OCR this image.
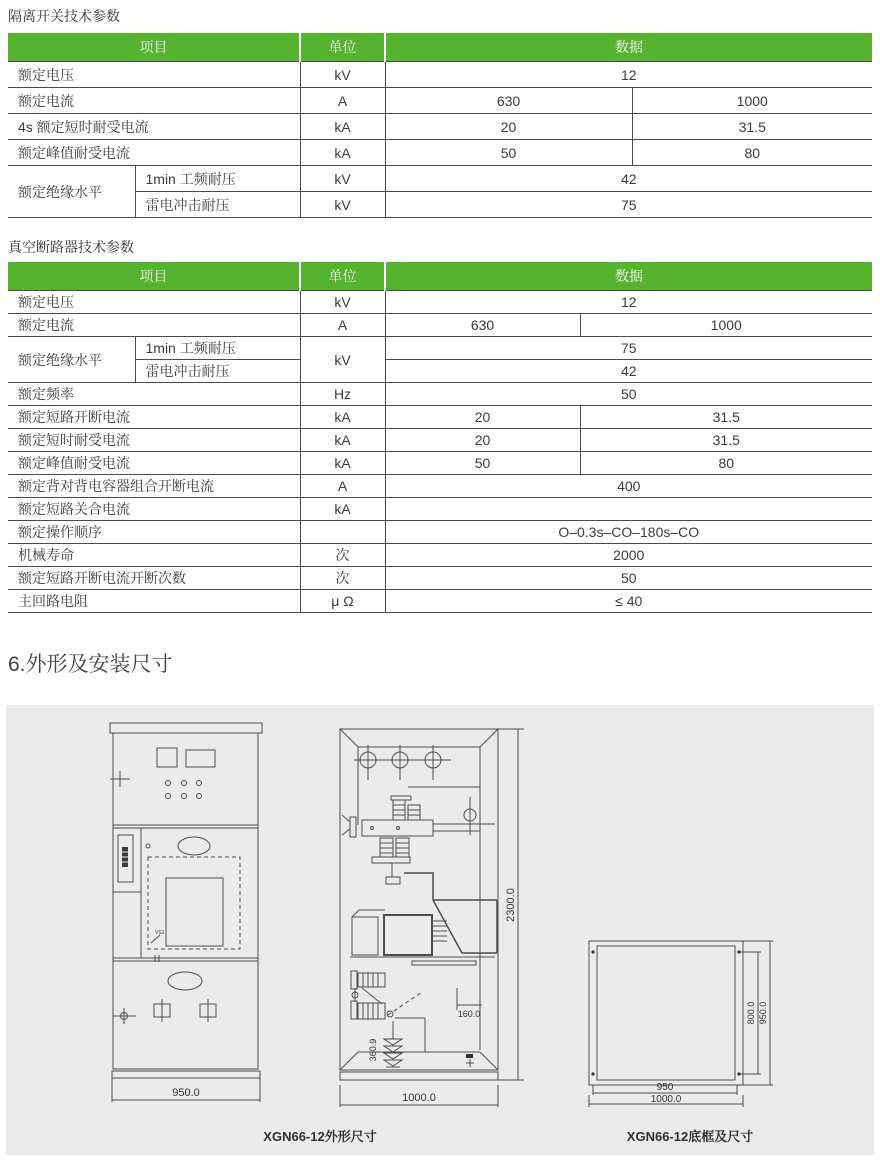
隔离开关技术参数
项目		单位	数据	
额定电压		kV	12	
额定电流		A	630	1000
4s 额定短时耐受电流		kA	20	31.5
额定峰值耐受电流		kA	50	80
额定绝缘水平	1min 工频耐压	kV	42	
	雷电冲击耐压	kV	75	
真空断路器技术参数
项目		单位	数据	
额定电压		kV	12	
额定电流		A	630	1000
额定绝缘水平	1min 工频耐压	kV	75	
	雷电冲击耐压		42	
额定频率		Hz	50	
额定短路开断电流		kA	20	31.5
额定短时耐受电流		kA	20	31.5
额定峰值耐受电流		kA	50	80
额定背对背电容器组合开断电流		A	400	
额定短路关合电流		kA		
额定操作顺序			O–0.3s–CO–180s–CO	
机械寿命		次	2000	
额定短路开断电流开断次数		次	50	
主回路电阻		μ Ω	≤ 40	
6.外形及安装尺寸
VS1
950.0
160.0
360.9
1000.0
2300.0
800.0 950.0
950
1000.0
XGN66-12外形尺寸	XGN66-12底框及尺寸
